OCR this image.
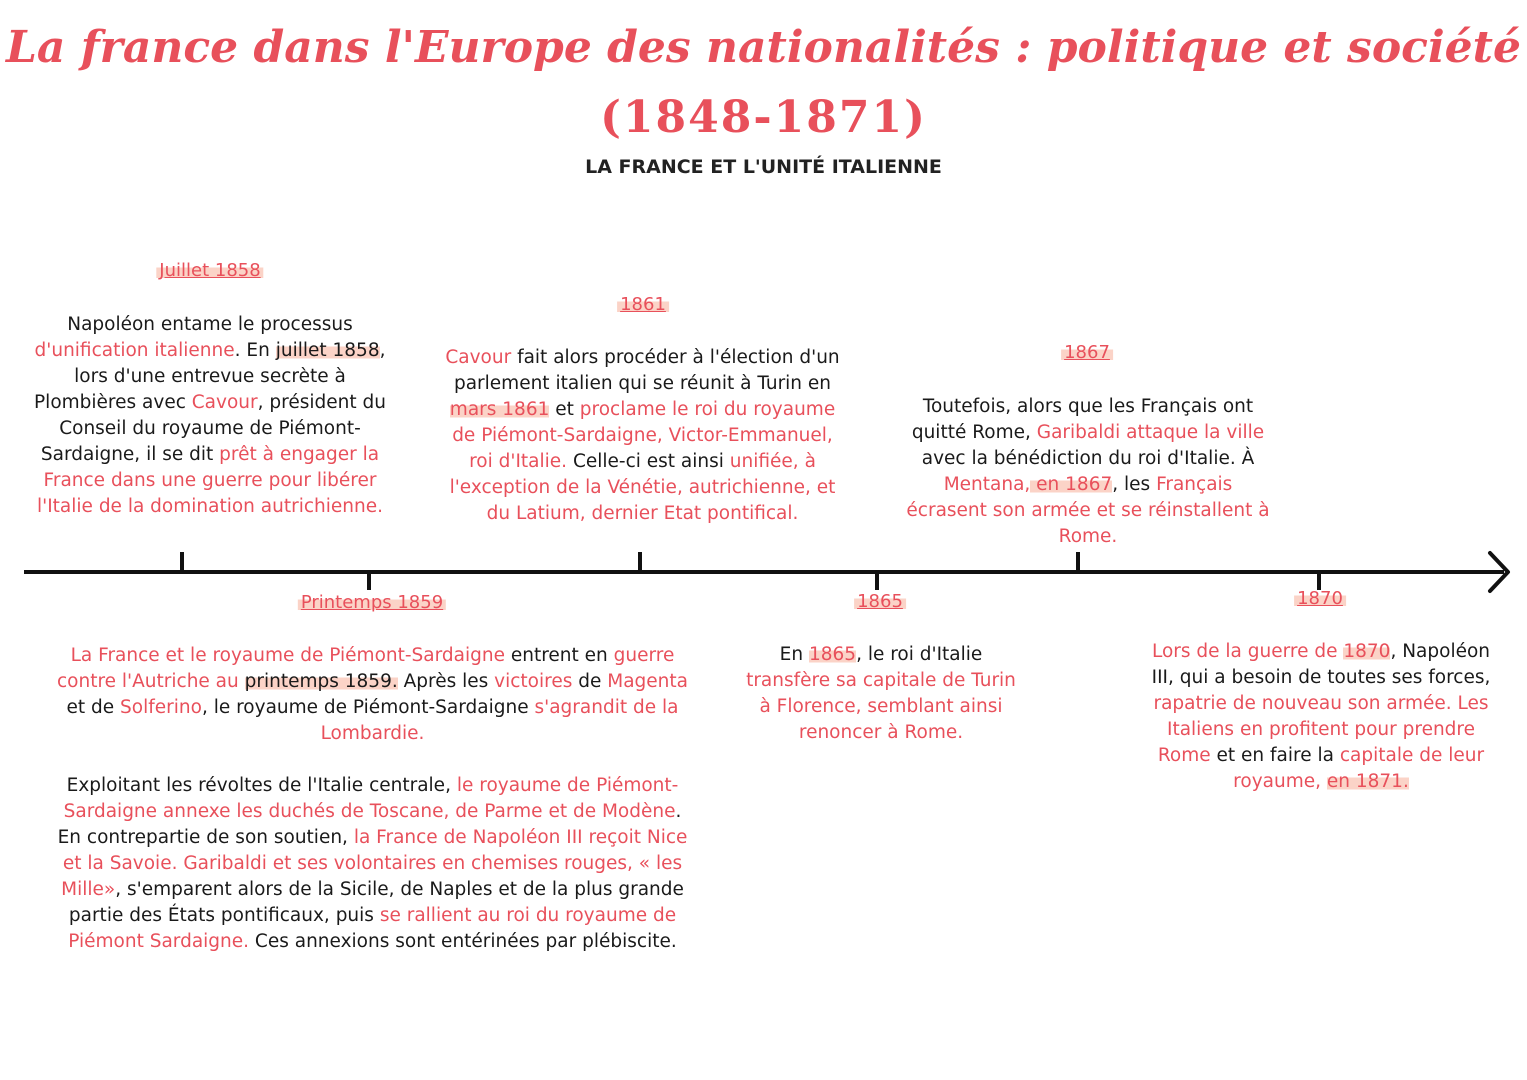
La france dans l'Europe des nationalités : politique et société
(1848-1871)
LA FRANCE ET L'UNITÉ ITALIENNE
Juillet 1858

Napoléon entame le processus d'unification italienne. En juillet 1858, lors d'une entrevue secrète à Plombières avec Cavour, président du Conseil du royaume de Piémont-Sardaigne, il se dit prêt à engager la France dans une guerre pour libérer l'Italie de la domination autrichienne.

1861

Cavour fait alors procéder à l'élection d'un parlement italien qui se réunit à Turin en mars 1861 et proclame le roi du royaume de Piémont-Sardaigne, Victor-Emmanuel, roi d'Italie. Celle-ci est ainsi unifiée, à l'exception de la Vénétie, autrichienne, et du Latium, dernier Etat pontifical.

1867

Toutefois, alors que les Français ont quitté Rome, Garibaldi attaque la ville avec la bénédiction du roi d'Italie. À Mentana, en 1867, les Français écrasent son armée et se réinstallent à Rome.

Printemps 1859

La France et le royaume de Piémont-Sardaigne entrent en guerre contre l'Autriche au printemps 1859. Après les victoires de Magenta et de Solferino, le royaume de Piémont-Sardaigne s'agrandit de la Lombardie.

Exploitant les révoltes de l'Italie centrale, le royaume de Piémont-Sardaigne annexe les duchés de Toscane, de Parme et de Modène. En contrepartie de son soutien, la France de Napoléon III reçoit Nice et la Savoie. Garibaldi et ses volontaires en chemises rouges, « les Mille», s'emparent alors de la Sicile, de Naples et de la plus grande partie des États pontificaux, puis se rallient au roi du royaume de Piémont Sardaigne. Ces annexions sont entérinées par plébiscite.

1865

En 1865, le roi d'Italie transfère sa capitale de Turin à Florence, semblant ainsi renoncer à Rome.

1870

Lors de la guerre de 1870, Napoléon III, qui a besoin de toutes ses forces, rapatrie de nouveau son armée. Les Italiens en profitent pour prendre Rome et en faire la capitale de leur royaume, en 1871.
